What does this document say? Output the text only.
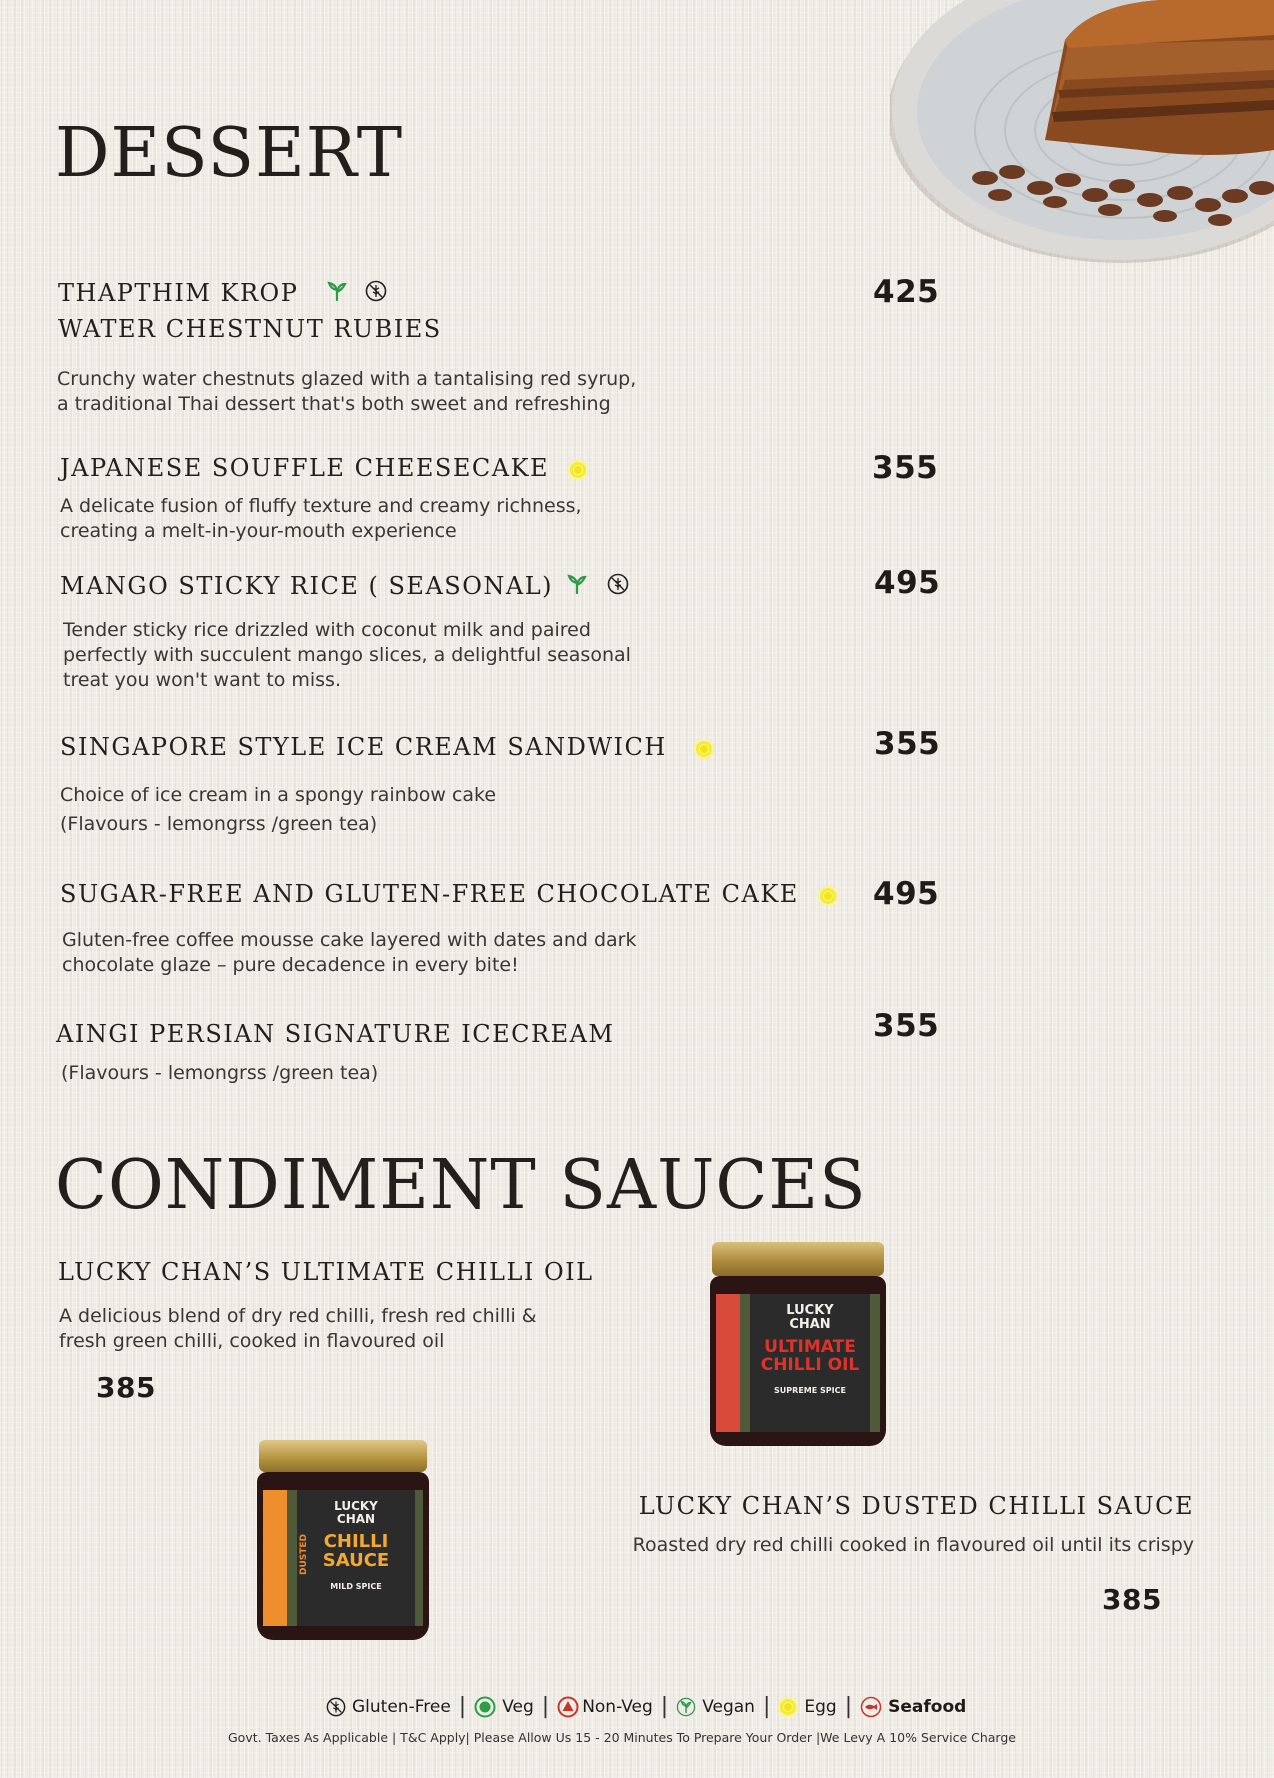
DESSERT
THAPTHIM KROP
WATER CHESTNUT RUBIES
Crunchy water chestnuts glazed with a tantalising red syrup,
a traditional Thai dessert that's both sweet and refreshing
425
JAPANESE SOUFFLE CHEESECAKE
A delicate fusion of fluffy texture and creamy richness,
creating a melt-in-your-mouth experience
355
MANGO STICKY RICE ( SEASONAL)
Tender sticky rice drizzled with coconut milk and paired
perfectly with succulent mango slices, a delightful seasonal
treat you won't want to miss.
495
SINGAPORE STYLE ICE CREAM SANDWICH
Choice of ice cream in a spongy rainbow cake
(Flavours - lemongrss /green tea)
355
SUGAR-FREE AND GLUTEN-FREE CHOCOLATE CAKE
Gluten-free coffee mousse cake layered with dates and dark
chocolate glaze – pure decadence in every bite!
495
AINGI PERSIAN SIGNATURE ICECREAM
(Flavours - lemongrss /green tea)
355
CONDIMENT SAUCES
LUCKY CHAN’S ULTIMATE CHILLI OIL
A delicious blend of dry red chilli, fresh red chilli &
fresh green chilli, cooked in flavoured oil
385
LUCKY
CHAN
ULTIMATE
CHILLI OIL
SUPREME SPICE
LUCKY
CHAN
DUSTED CHILLI
SAUCE
MILD SPICE
LUCKY CHAN’S DUSTED CHILLI SAUCE
Roasted dry red chilli cooked in flavoured oil until its crispy
385
Gluten-Free | Veg | Non-Veg | Vegan | Egg | Seafood
Govt. Taxes As Applicable | T&C Apply| Please Allow Us 15 - 20 Minutes To Prepare Your Order |We Levy A 10% Service Charge
